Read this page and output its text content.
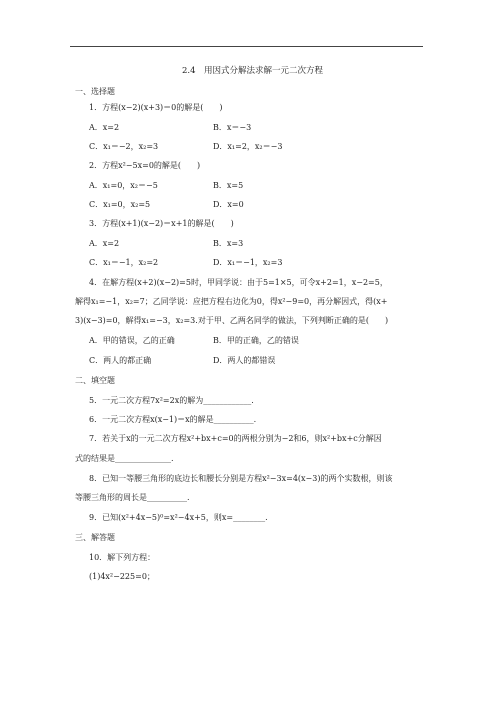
2.4　用因式分解法求解一元二次方程
一、选择题
1．方程(x−2)(x+3)＝0的解是(　　)
A．x=2	B．x＝−3
C．x₁＝−2，x₂=3	D．x₁=2，x₂＝−3
2．方程x²−5x=0的解是(　　)
A．x₁=0，x₂＝−5	B．x=5
C．x₁=0，x₂=5	D．x=0
3．方程(x+1)(x−2)＝x+1的解是(　　)
A．x=2	B．x=3
C．x₁＝−1，x₂=2	D．x₁＝−1，x₂=3
4．在解方程(x+2)(x−2)=5时，甲同学说：由于5=1×5，可令x+2=1，x−2=5，
解得x₁=−1，x₂=7；乙同学说：应把方程右边化为0，得x²−9=0，再分解因式，得(x+
3)(x−3)=0，解得x₁=−3，x₂=3.对于甲、乙两名同学的做法，下列判断正确的是(　　)
A．甲的错误，乙的正确	B．甲的正确，乙的错误
C．两人的都正确	D．两人的都错误
二、填空题
5．一元二次方程7x²=2x的解为____________.
6．一元二次方程x(x−1)＝x的解是__________.
7．若关于x的一元二次方程x²+bx+c=0的两根分别为−2和6，则x²+bx+c分解因
式的结果是______________.
8．已知一等腰三角形的底边长和腰长分别是方程x²−3x=4(x−3)的两个实数根，则该
等腰三角形的周长是__________.
9．已知(x²+4x−5)⁰=x²−4x+5，则x=________.
三、解答题
10．解下列方程：
(1)4x²−225=0；
